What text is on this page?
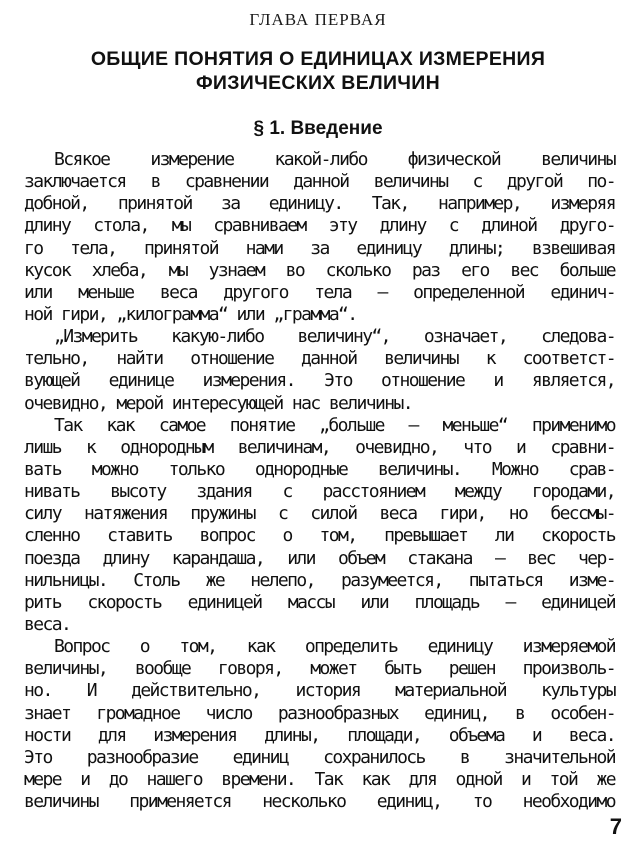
ГЛАВА ПЕРВАЯ
ОБЩИЕ ПОНЯТИЯ О ЕДИНИЦАХ ИЗМЕРЕНИЯ
ФИЗИЧЕСКИХ ВЕЛИЧИН
§ 1. Введение
Всякое измерение какой-либо физической величины
заключается в сравнении данной величины с другой по-
добной, принятой за единицу. Так, например, измеряя
длину стола, мы сравниваем эту длину с длиной друго-
го тела, принятой нами за единицу длины; взвешивая
кусок хлеба, мы узнаем во сколько раз его вес больше
или меньше веса другого тела — определенной единич-
ной гири, „килограмма“ или „грамма“.
„Измерить какую-либо величину“, означает, следова-
тельно, найти отношение данной величины к соответст-
вующей единице измерения. Это отношение и является,
очевидно, мерой интересующей нас величины.
Так как самое понятие „больше — меньше“ применимо
лишь к однородным величинам, очевидно, что и сравни-
вать можно только однородные величины. Можно срав-
нивать высоту здания с расстоянием между городами,
силу натяжения пружины с силой веса гири, но бессмы-
сленно ставить вопрос о том, превышает ли скорость
поезда длину карандаша, или объем стакана — вес чер-
нильницы. Столь же нелепо, разумеется, пытаться изме-
рить скорость единицей массы или площадь — единицей
веса.
Вопрос о том, как определить единицу измеряемой
величины, вообще говоря, может быть решен произволь-
но. И действительно, история материальной культуры
знает громадное число разнообразных единиц, в особен-
ности для измерения длины, площади, объема и веса.
Это разнообразие единиц сохранилось в значительной
мере и до нашего времени. Так как для одной и той же
величины применяется несколько единиц, то необходимо
7
